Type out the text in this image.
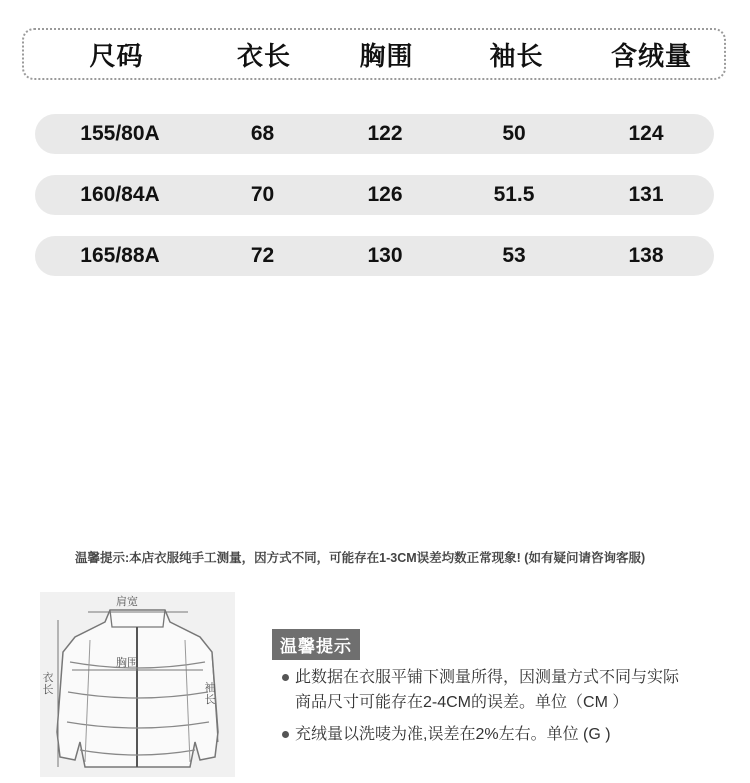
尺码	衣长	胸围	袖长	含绒量
155/80A	68	122	50	124
160/84A	70	126	51.5	131
165/88A	72	130	53	138
温馨提示:本店衣服纯手工测量，因方式不同，可能存在1-3CM误差均数正常现象! (如有疑问请咨询客服)
肩宽
胸围
衣长	袖长
温馨提示
此数据在衣服平铺下测量所得，因测量方式不同与实际
商品尺寸可能存在2-4CM的误差。单位（CM ）
充绒量以洗唛为准,误差在2%左右。单位 (G )
